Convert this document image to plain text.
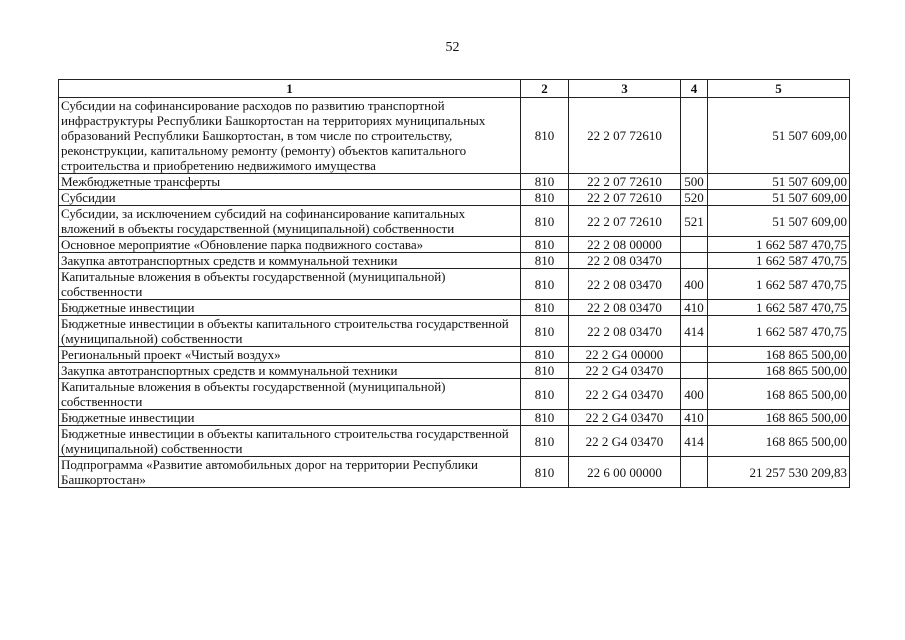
52
1	2	3	4	5
Субсидии на софинансирование расходов по развитию транспортной инфраструктуры Республики Башкортостан на территориях муниципальных образований Республики Башкортостан, в том числе по строительству, реконструкции, капитальному ремонту (ремонту) объектов капитального строительства и приобретению недвижимого имущества	810	22 2 07 72610		51 507 609,00
Межбюджетные трансферты	810	22 2 07 72610	500	51 507 609,00
Субсидии	810	22 2 07 72610	520	51 507 609,00
Субсидии, за исключением субсидий на софинансирование капитальных вложений в объекты государственной (муниципальной) собственности	810	22 2 07 72610	521	51 507 609,00
Основное мероприятие «Обновление парка подвижного состава»	810	22 2 08 00000		1 662 587 470,75
Закупка автотранспортных средств и коммунальной техники	810	22 2 08 03470		1 662 587 470,75
Капитальные вложения в объекты государственной (муниципальной) собственности	810	22 2 08 03470	400	1 662 587 470,75
Бюджетные инвестиции	810	22 2 08 03470	410	1 662 587 470,75
Бюджетные инвестиции в объекты капитального строительства государственной (муниципальной) собственности	810	22 2 08 03470	414	1 662 587 470,75
Региональный проект «Чистый воздух»	810	22 2 G4 00000		168 865 500,00
Закупка автотранспортных средств и коммунальной техники	810	22 2 G4 03470		168 865 500,00
Капитальные вложения в объекты государственной (муниципальной) собственности	810	22 2 G4 03470	400	168 865 500,00
Бюджетные инвестиции	810	22 2 G4 03470	410	168 865 500,00
Бюджетные инвестиции в объекты капитального строительства государственной (муниципальной) собственности	810	22 2 G4 03470	414	168 865 500,00
Подпрограмма «Развитие автомобильных дорог на территории Республики Башкортостан»	810	22 6 00 00000		21 257 530 209,83
